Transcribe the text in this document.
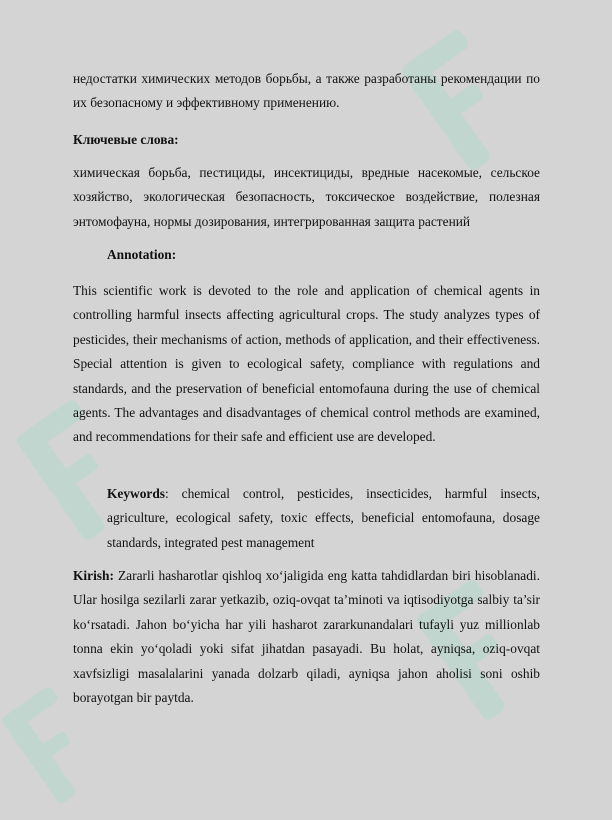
недостатки химических методов борьбы, а также разработаны рекомендации по их безопасному и эффективному применению.
Ключевые слова:
химическая борьба, пестициды, инсектициды, вредные насекомые, сельское хозяйство, экологическая безопасность, токсическое воздействие, полезная энтомофауна, нормы дозирования, интегрированная защита растений
Annotation:
This scientific work is devoted to the role and application of chemical agents in controlling harmful insects affecting agricultural crops. The study analyzes types of pesticides, their mechanisms of action, methods of application, and their effectiveness. Special attention is given to ecological safety, compliance with regulations and standards, and the preservation of beneficial entomofauna during the use of chemical agents. The advantages and disadvantages of chemical control methods are examined, and recommendations for their safe and efficient use are developed.
Keywords: chemical control, pesticides, insecticides, harmful insects, agriculture, ecological safety, toxic effects, beneficial entomofauna, dosage standards, integrated pest management
Kirish: Zararli hasharotlar qishloq xo‘jaligida eng katta tahdidlardan biri hisoblanadi. Ular hosilga sezilarli zarar yetkazib, oziq-ovqat ta’minoti va iqtisodiyotga salbiy ta’sir ko‘rsatadi. Jahon bo‘yicha har yili hasharot zararkunandalari tufayli yuz millionlab tonna ekin yo‘qoladi yoki sifat jihatdan pasayadi. Bu holat, ayniqsa, oziq-ovqat xavfsizligi masalalarini yanada dolzarb qiladi, ayniqsa jahon aholisi soni oshib borayotgan bir paytda.
